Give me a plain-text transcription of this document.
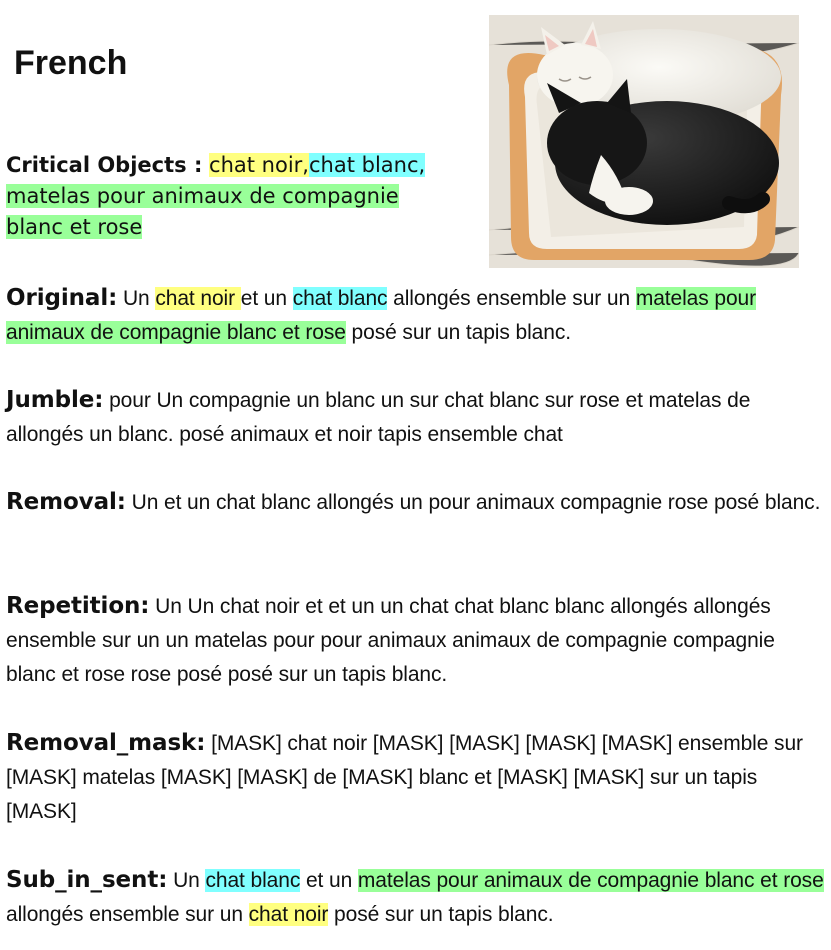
French
Critical Objects : chat noir,chat blanc, matelas pour animaux de compagnie blanc et rose
Original: Un chat noir et un chat blanc allongés ensemble sur un matelas pour animaux de compagnie blanc et rose posé sur un tapis blanc.
Jumble: pour Un compagnie un blanc un sur chat blanc sur rose et matelas de allongés un blanc. posé animaux et noir tapis ensemble chat
Removal: Un et un chat blanc allongés un pour animaux compagnie rose posé blanc.
Repetition: Un Un chat noir et et un un chat chat blanc blanc allongés allongés ensemble sur un un matelas pour pour animaux animaux de compagnie compagnie blanc et rose rose posé posé sur un tapis blanc.
Removal_mask: [MASK] chat noir [MASK] [MASK] [MASK] [MASK] ensemble sur [MASK] matelas [MASK] [MASK] de [MASK] blanc et [MASK] [MASK] sur un tapis [MASK]
Sub_in_sent: Un chat blanc et un matelas pour animaux de compagnie blanc et rose allongés ensemble sur un chat noir posé sur un tapis blanc.
